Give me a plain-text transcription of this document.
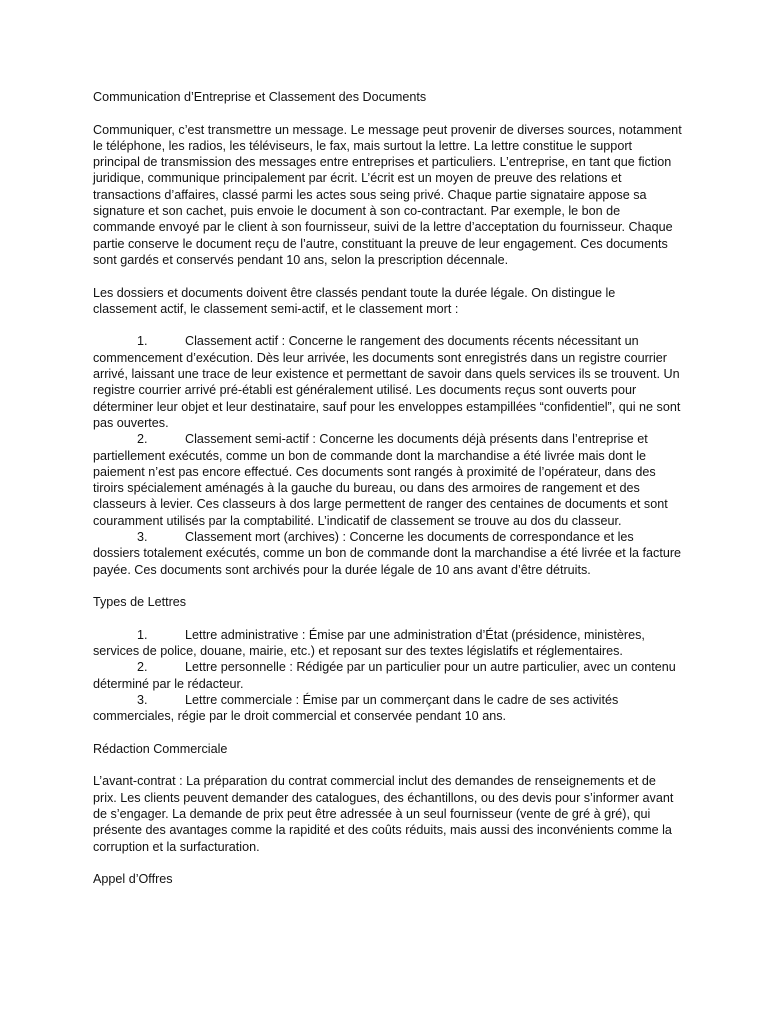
Communication d’Entreprise et Classement des Documents

Communiquer, c’est transmettre un message. Le message peut provenir de diverses sources, notamment le téléphone, les radios, les téléviseurs, le fax, mais surtout la lettre. La lettre constitue le support principal de transmission des messages entre entreprises et particuliers. L’entreprise, en tant que fiction juridique, communique principalement par écrit. L’écrit est un moyen de preuve des relations et transactions d’affaires, classé parmi les actes sous seing privé. Chaque partie signataire appose sa signature et son cachet, puis envoie le document à son co-contractant. Par exemple, le bon de commande envoyé par le client à son fournisseur, suivi de la lettre d’acceptation du fournisseur. Chaque partie conserve le document reçu de l’autre, constituant la preuve de leur engagement. Ces documents sont gardés et conservés pendant 10 ans, selon la prescription décennale.

Les dossiers et documents doivent être classés pendant toute la durée légale. On distingue le classement actif, le classement semi-actif, et le classement mort :

1.	Classement actif : Concerne le rangement des documents récents nécessitant un commencement d’exécution. Dès leur arrivée, les documents sont enregistrés dans un registre courrier arrivé, laissant une trace de leur existence et permettant de savoir dans quels services ils se trouvent. Un registre courrier arrivé pré-établi est généralement utilisé. Les documents reçus sont ouverts pour déterminer leur objet et leur destinataire, sauf pour les enveloppes estampillées “confidentiel”, qui ne sont pas ouvertes.

2.	Classement semi-actif : Concerne les documents déjà présents dans l’entreprise et partiellement exécutés, comme un bon de commande dont la marchandise a été livrée mais dont le paiement n’est pas encore effectué. Ces documents sont rangés à proximité de l’opérateur, dans des tiroirs spécialement aménagés à la gauche du bureau, ou dans des armoires de rangement et des classeurs à levier. Ces classeurs à dos large permettent de ranger des centaines de documents et sont couramment utilisés par la comptabilité. L’indicatif de classement se trouve au dos du classeur.

3.	Classement mort (archives) : Concerne les documents de correspondance et les dossiers totalement exécutés, comme un bon de commande dont la marchandise a été livrée et la facture payée. Ces documents sont archivés pour la durée légale de 10 ans avant d’être détruits.

Types de Lettres

1.	Lettre administrative : Émise par une administration d’État (présidence, ministères, services de police, douane, mairie, etc.) et reposant sur des textes législatifs et réglementaires.

2.	Lettre personnelle : Rédigée par un particulier pour un autre particulier, avec un contenu déterminé par le rédacteur.

3.	Lettre commerciale : Émise par un commerçant dans le cadre de ses activités commerciales, régie par le droit commercial et conservée pendant 10 ans.

Rédaction Commerciale

L’avant-contrat : La préparation du contrat commercial inclut des demandes de renseignements et de prix. Les clients peuvent demander des catalogues, des échantillons, ou des devis pour s’informer avant de s’engager. La demande de prix peut être adressée à un seul fournisseur (vente de gré à gré), qui présente des avantages comme la rapidité et des coûts réduits, mais aussi des inconvénients comme la corruption et la surfacturation.

Appel d’Offres
